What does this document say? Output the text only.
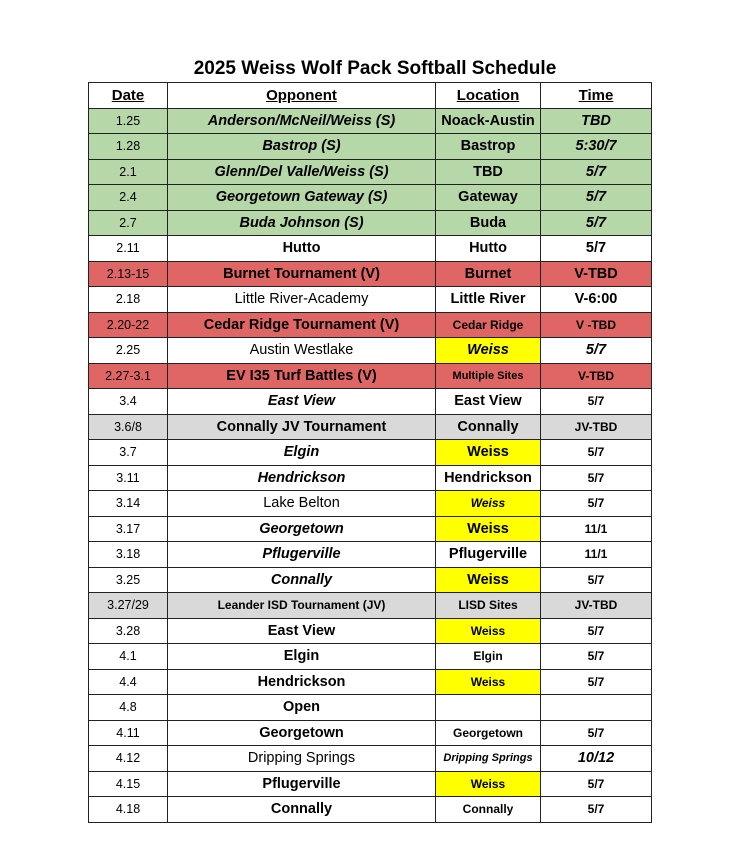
2025 Weiss Wolf Pack Softball Schedule
Date	Opponent	Location	Time
1.25	Anderson/McNeil/Weiss (S)	Noack-Austin	TBD
1.28	Bastrop (S)	Bastrop	5:30/7
2.1	Glenn/Del Valle/Weiss (S)	TBD	5/7
2.4	Georgetown Gateway (S)	Gateway	5/7
2.7	Buda Johnson (S)	Buda	5/7
2.11	Hutto	Hutto	5/7
2.13-15	Burnet Tournament (V)	Burnet	V-TBD
2.18	Little River-Academy	Little River	V-6:00
2.20-22	Cedar Ridge Tournament (V)	Cedar Ridge	V -TBD
2.25	Austin Westlake	Weiss	5/7
2.27-3.1	EV I35 Turf Battles (V)	Multiple Sites	V-TBD
3.4	East View	East View	5/7
3.6/8	Connally JV Tournament	Connally	JV-TBD
3.7	Elgin	Weiss	5/7
3.11	Hendrickson	Hendrickson	5/7
3.14	Lake Belton	Weiss	5/7
3.17	Georgetown	Weiss	11/1
3.18	Pflugerville	Pflugerville	11/1
3.25	Connally	Weiss	5/7
3.27/29	Leander ISD Tournament (JV)	LISD Sites	JV-TBD
3.28	East View	Weiss	5/7
4.1	Elgin	Elgin	5/7
4.4	Hendrickson	Weiss	5/7
4.8	Open		
4.11	Georgetown	Georgetown	5/7
4.12	Dripping Springs	Dripping Springs	10/12
4.15	Pflugerville	Weiss	5/7
4.18	Connally	Connally	5/7
